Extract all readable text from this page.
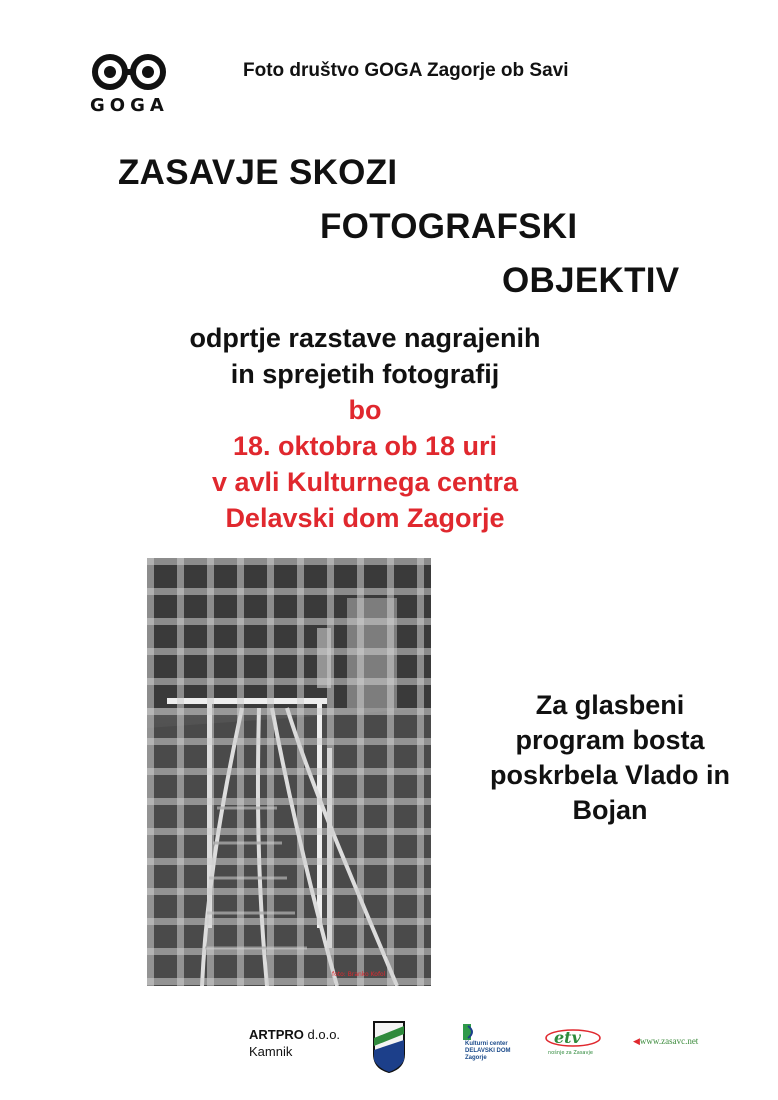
GOGA
Foto društvo GOGA Zagorje ob Savi
ZASAVJE SKOZI
FOTOGRAFSKI
OBJEKTIV
odprtje razstave nagrajenih
in sprejetih fotografij
bo
18. oktobra ob 18 uri
v avli Kulturnega centra
Delavski dom Zagorje
foto: Branko Kofol
Za glasbeni
program bosta
poskrbela Vlado in
Bojan
ARTPRO d.o.o.
Kamnik	Kulturni center
DELAVSKI DOM
Zagorje
etv
nošnje za Zasavje
◀www.zasavc.net
